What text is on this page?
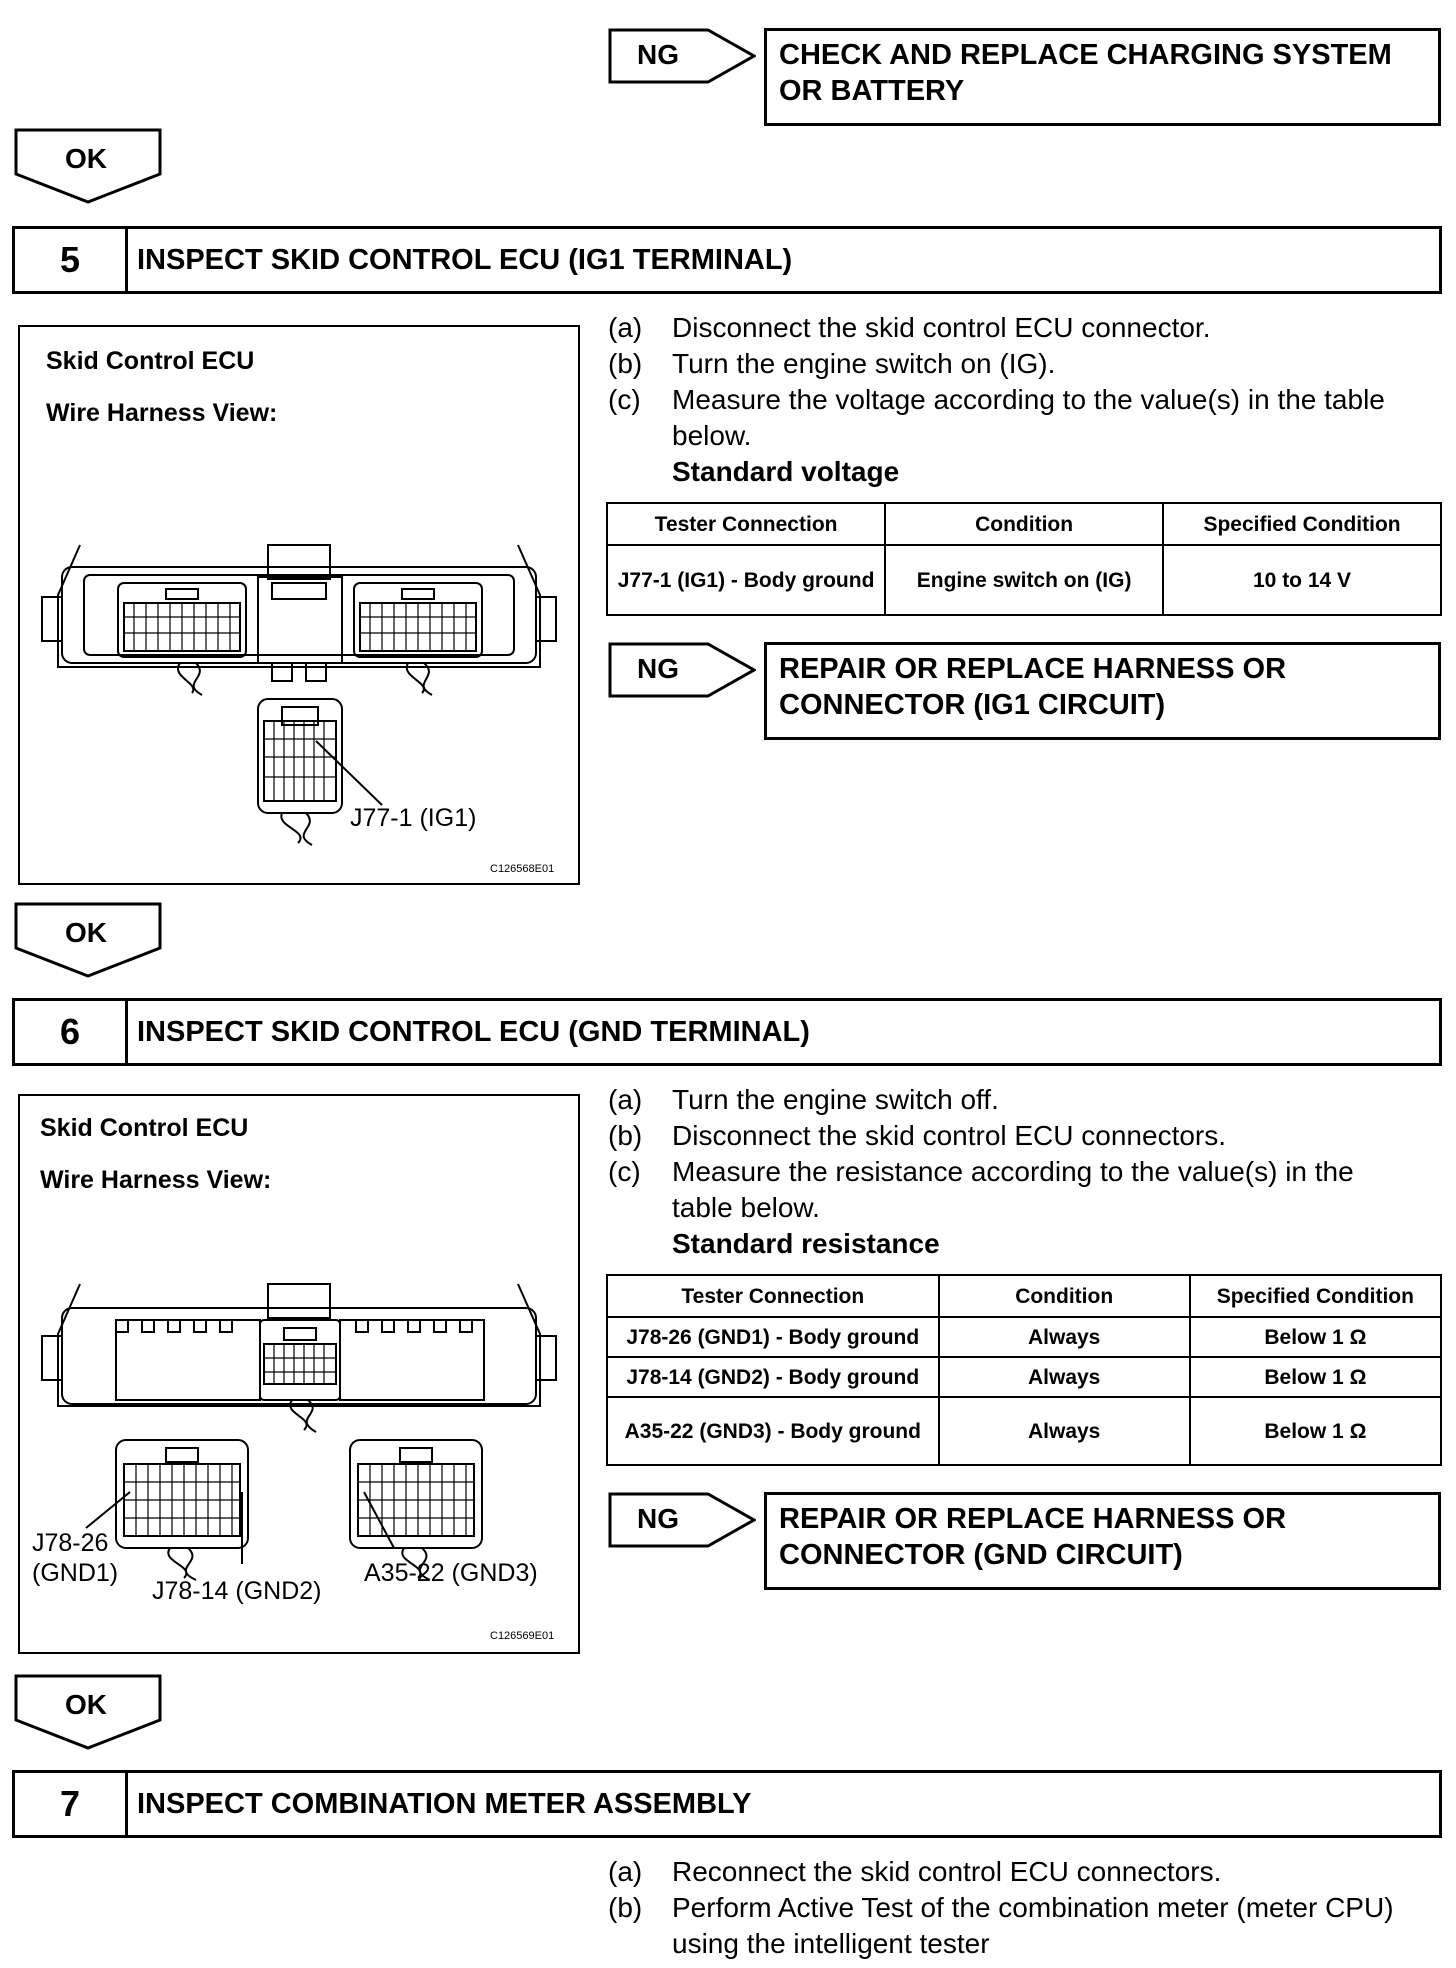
NG	CHECK AND REPLACE CHARGING SYSTEM OR BATTERY
OK
5	INSPECT SKID CONTROL ECU (IG1 TERMINAL)
Skid Control ECU
Wire Harness View:
J77-1 (IG1)
C126568E01
(a)	Disconnect the skid control ECU connector.
(b)	Turn the engine switch on (IG).
(c)	Measure the voltage according to the value(s) in the table below.
Standard voltage
Tester Connection	Condition	Specified Condition
J77-1 (IG1) - Body ground	Engine switch on (IG)	10 to 14 V
NG	REPAIR OR REPLACE HARNESS OR CONNECTOR (IG1 CIRCUIT)
OK
6	INSPECT SKID CONTROL ECU (GND TERMINAL)
Skid Control ECU
Wire Harness View:
J78-26
(GND1)
J78-14 (GND2)
A35-22 (GND3)
C126569E01
(a)	Turn the engine switch off.
(b)	Disconnect the skid control ECU connectors.
(c)	Measure the resistance according to the value(s) in the table below.
Standard resistance
Tester Connection	Condition	Specified Condition
J78-26 (GND1) - Body ground	Always	Below 1 Ω
J78-14 (GND2) - Body ground	Always	Below 1 Ω
A35-22 (GND3) - Body ground	Always	Below 1 Ω
NG	REPAIR OR REPLACE HARNESS OR CONNECTOR (GND CIRCUIT)
OK
7	INSPECT COMBINATION METER ASSEMBLY
(a)	Reconnect the skid control ECU connectors.
(b)	Perform Active Test of the combination meter (meter CPU) using the intelligent tester
